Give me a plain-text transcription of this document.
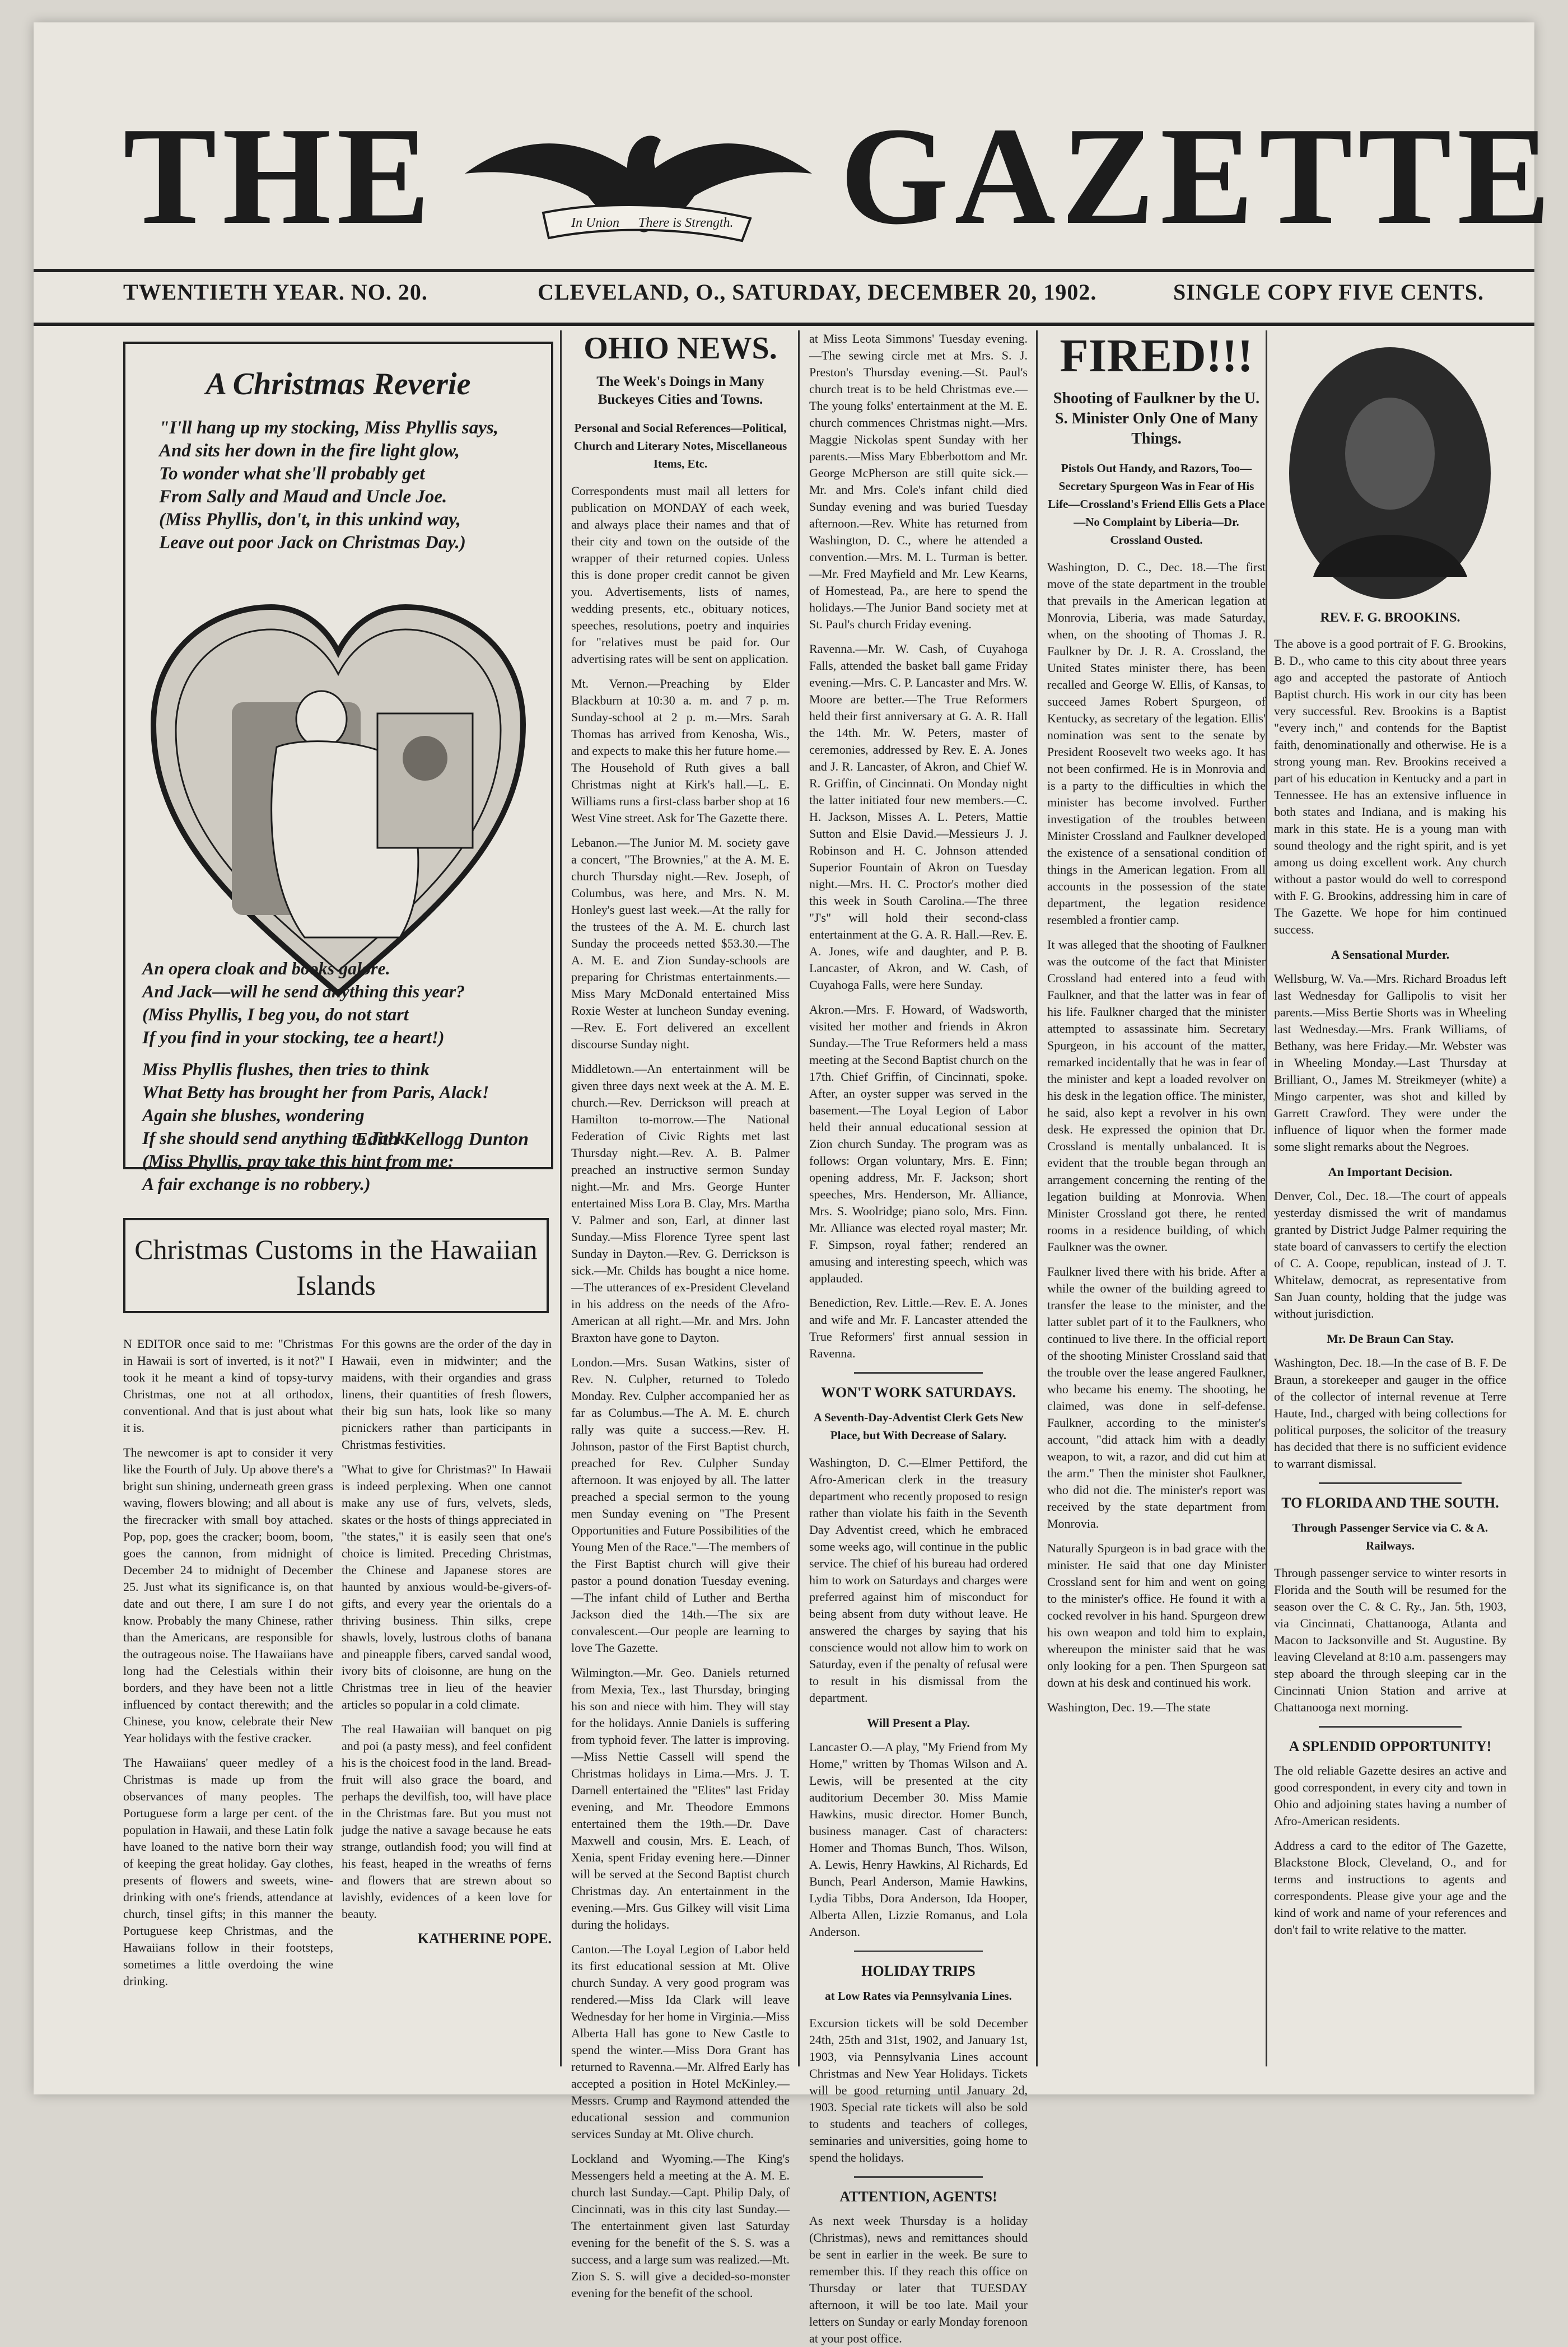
THE	In Union There is Strength. GAZETTE
TWENTIETH YEAR. NO. 20.	CLEVELAND, O., SATURDAY, DECEMBER 20, 1902.	SINGLE COPY FIVE CENTS.
A Christmas Reverie
"I'll hang up my stocking, Miss Phyllis says,
And sits her down in the fire light glow,
To wonder what she'll probably get
From Sally and Maud and Uncle Joe.
(Miss Phyllis, don't, in this unkind way,
Leave out poor Jack on Christmas Day.)
An opera cloak and books galore.
And Jack—will he send anything this year?
(Miss Phyllis, I beg you, do not start
If you find in your stocking, tee a heart!)
Miss Phyllis flushes, then tries to think
What Betty has brought her from Paris, Alack!
Again she blushes, wondering
If she should send anything to Jack.
(Miss Phyllis, pray take this hint from me:
A fair exchange is no robbery.)
Edith Kellogg Dunton
Christmas Customs in the Hawaiian Islands

N EDITOR once said to me: "Christmas in Hawaii is sort of inverted, is it not?" I took it he meant a kind of topsy-turvy Christmas, one not at all orthodox, conventional. And that is just about what it is.

The newcomer is apt to consider it very like the Fourth of July. Up above there's a bright sun shining, underneath green grass waving, flowers blowing; and all about is the firecracker with small boy attached. Pop, pop, goes the cracker; boom, boom, goes the cannon, from midnight of December 24 to midnight of December 25. Just what its significance is, on that date and out there, I am sure I do not know. Probably the many Chinese, rather than the Americans, are responsible for the outrageous noise. The Hawaiians have long had the Celestials within their borders, and they have been not a little influenced by contact therewith; and the Chinese, you know, celebrate their New Year holidays with the festive cracker.

The Hawaiians' queer medley of a Christmas is made up from the observances of many peoples. The Portuguese form a large per cent. of the population in Hawaii, and these Latin folk have loaned to the native born their way of keeping the great holiday. Gay clothes, presents of flowers and sweets, wine-drinking with one's friends, attendance at church, tinsel gifts; in this manner the Portuguese keep Christmas, and the Hawaiians follow in their footsteps, sometimes a little overdoing the wine drinking.

For this gowns are the order of the day in Hawaii, even in midwinter; and the maidens, with their organdies and grass linens, their quantities of fresh flowers, their big sun hats, look like so many picnickers rather than participants in Christmas festivities.

"What to give for Christmas?" In Hawaii is indeed perplexing. When one cannot make any use of furs, velvets, sleds, skates or the hosts of things appreciated in "the states," it is easily seen that one's choice is limited. Preceding Christmas, the Chinese and Japanese stores are haunted by anxious would-be-givers-of-gifts, and every year the orientals do a thriving business. Thin silks, crepe shawls, lovely, lustrous cloths of banana and pineapple fibers, carved sandal wood, ivory bits of cloisonne, are hung on the Christmas tree in lieu of the heavier articles so popular in a cold climate.

The real Hawaiian will banquet on pig and poi (a pasty mess), and feel confident his is the choicest food in the land. Bread-fruit will also grace the board, and perhaps the devilfish, too, will have place in the Christmas fare. But you must not judge the native a savage because he eats strange, outlandish food; you will find at his feast, heaped in the wreaths of ferns and flowers that are strewn about so lavishly, evidences of a keen love for beauty.

KATHERINE POPE.
OHIO NEWS.
The Week's Doings in Many Buckeyes Cities and Towns.
Personal and Social References—Political, Church and Literary Notes, Miscellaneous Items, Etc.

Correspondents must mail all letters for publication on MONDAY of each week, and always place their names and that of their city and town on the outside of the wrapper of their returned copies. Unless this is done proper credit cannot be given you. Advertisements, lists of names, wedding presents, etc., obituary notices, speeches, resolutions, poetry and inquiries for "relatives must be paid for. Our advertising rates will be sent on application.

Mt. Vernon.—Preaching by Elder Blackburn at 10:30 a. m. and 7 p. m. Sunday-school at 2 p. m.—Mrs. Sarah Thomas has arrived from Kenosha, Wis., and expects to make this her future home.—The Household of Ruth gives a ball Christmas night at Kirk's hall.—L. E. Williams runs a first-class barber shop at 16 West Vine street. Ask for The Gazette there.

Lebanon.—The Junior M. M. society gave a concert, "The Brownies," at the A. M. E. church Thursday night.—Rev. Joseph, of Columbus, was here, and Mrs. N. M. Honley's guest last week.—At the rally for the trustees of the A. M. E. church last Sunday the proceeds netted $53.30.—The A. M. E. and Zion Sunday-schools are preparing for Christmas entertainments.—Miss Mary McDonald entertained Miss Roxie Wester at luncheon Sunday evening.—Rev. E. Fort delivered an excellent discourse Sunday night.

Middletown.—An entertainment will be given three days next week at the A. M. E. church.—Rev. Derrickson will preach at Hamilton to-morrow.—The National Federation of Civic Rights met last Thursday night.—Rev. A. B. Palmer preached an instructive sermon Sunday night.—Mr. and Mrs. George Hunter entertained Miss Lora B. Clay, Mrs. Martha V. Palmer and son, Earl, at dinner last Sunday.—Miss Florence Tyree spent last Sunday in Dayton.—Rev. G. Derrickson is sick.—Mr. Childs has bought a nice home.—The utterances of ex-President Cleveland in his address on the needs of the Afro-American at all right.—Mr. and Mrs. John Braxton have gone to Dayton.

London.—Mrs. Susan Watkins, sister of Rev. N. Culpher, returned to Toledo Monday. Rev. Culpher accompanied her as far as Columbus.—The A. M. E. church rally was quite a success.—Rev. H. Johnson, pastor of the First Baptist church, preached for Rev. Culpher Sunday afternoon. It was enjoyed by all. The latter preached a special sermon to the young men Sunday evening on "The Present Opportunities and Future Possibilities of the Young Men of the Race."—The members of the First Baptist church will give their pastor a pound donation Tuesday evening.—The infant child of Luther and Bertha Jackson died the 14th.—The six are convalescent.—Our people are learning to love The Gazette.

Wilmington.—Mr. Geo. Daniels returned from Mexia, Tex., last Thursday, bringing his son and niece with him. They will stay for the holidays. Annie Daniels is suffering from typhoid fever. The latter is improving.—Miss Nettie Cassell will spend the Christmas holidays in Lima.—Mrs. J. T. Darnell entertained the "Elites" last Friday evening, and Mr. Theodore Emmons entertained them the 19th.—Dr. Dave Maxwell and cousin, Mrs. E. Leach, of Xenia, spent Friday evening here.—Dinner will be served at the Second Baptist church Christmas day. An entertainment in the evening.—Mrs. Gus Gilkey will visit Lima during the holidays.

Canton.—The Loyal Legion of Labor held its first educational session at Mt. Olive church Sunday. A very good program was rendered.—Miss Ida Clark will leave Wednesday for her home in Virginia.—Miss Alberta Hall has gone to New Castle to spend the winter.—Miss Dora Grant has returned to Ravenna.—Mr. Alfred Early has accepted a position in Hotel McKinley.—Messrs. Crump and Raymond attended the educational session and communion services Sunday at Mt. Olive church.

Lockland and Wyoming.—The King's Messengers held a meeting at the A. M. E. church last Sunday.—Capt. Philip Daly, of Cincinnati, was in this city last Sunday.—The entertainment given last Saturday evening for the benefit of the S. S. was a success, and a large sum was realized.—Mt. Zion S. S. will give a decided-so-monster evening for the benefit of the school.

at Miss Leota Simmons' Tuesday evening.—The sewing circle met at Mrs. S. J. Preston's Thursday evening.—St. Paul's church treat is to be held Christmas eve.—The young folks' entertainment at the M. E. church commences Christmas night.—Mrs. Maggie Nickolas spent Sunday with her parents.—Miss Mary Ebberbottom and Mr. George McPherson are still quite sick.—Mr. and Mrs. Cole's infant child died Sunday evening and was buried Tuesday afternoon.—Rev. White has returned from Washington, D. C., where he attended a convention.—Mrs. M. L. Turman is better.—Mr. Fred Mayfield and Mr. Lew Kearns, of Homestead, Pa., are here to spend the holidays.—The Junior Band society met at St. Paul's church Friday evening.

Ravenna.—Mr. W. Cash, of Cuyahoga Falls, attended the basket ball game Friday evening.—Mrs. C. P. Lancaster and Mrs. W. Moore are better.—The True Reformers held their first anniversary at G. A. R. Hall the 14th. Mr. W. Peters, master of ceremonies, addressed by Rev. E. A. Jones and J. R. Lancaster, of Akron, and Chief W. R. Griffin, of Cincinnati. On Monday night the latter initiated four new members.—C. H. Jackson, Misses A. L. Peters, Mattie Sutton and Elsie David.—Messieurs J. J. Robinson and H. C. Johnson attended Superior Fountain of Akron on Tuesday night.—Mrs. H. C. Proctor's mother died this week in South Carolina.—The three "J's" will hold their second-class entertainment at the G. A. R. Hall.—Rev. E. A. Jones, wife and daughter, and P. B. Lancaster, of Akron, and W. Cash, of Cuyahoga Falls, were here Sunday.

Akron.—Mrs. F. Howard, of Wadsworth, visited her mother and friends in Akron Sunday.—The True Reformers held a mass meeting at the Second Baptist church on the 17th. Chief Griffin, of Cincinnati, spoke. After, an oyster supper was served in the basement.—The Loyal Legion of Labor held their annual educational session at Zion church Sunday. The program was as follows: Organ voluntary, Mrs. E. Finn; opening address, Mr. F. Jackson; short speeches, Mrs. Henderson, Mr. Alliance, Mrs. S. Woolridge; piano solo, Mrs. Finn. Mr. Alliance was elected royal master; Mr. F. Simpson, royal father; rendered an amusing and interesting speech, which was applauded.

Benediction, Rev. Little.—Rev. E. A. Jones and wife and Mr. F. Lancaster attended the True Reformers' first annual session in Ravenna.

WON'T WORK SATURDAYS.
A Seventh-Day-Adventist Clerk Gets New Place, but With Decrease of Salary.

Washington, D. C.—Elmer Pettiford, the Afro-American clerk in the treasury department who recently proposed to resign rather than violate his faith in the Seventh Day Adventist creed, which he embraced some weeks ago, will continue in the public service. The chief of his bureau had ordered him to work on Saturdays and charges were preferred against him of misconduct for being absent from duty without leave. He answered the charges by saying that his conscience would not allow him to work on Saturday, even if the penalty of refusal were to result in his dismissal from the department.

Will Present a Play.

Lancaster O.—A play, "My Friend from My Home," written by Thomas Wilson and A. Lewis, will be presented at the city auditorium December 30. Miss Mamie Hawkins, music director. Homer Bunch, business manager. Cast of characters: Homer and Thomas Bunch, Thos. Wilson, A. Lewis, Henry Hawkins, Al Richards, Ed Bunch, Pearl Anderson, Mamie Hawkins, Lydia Tibbs, Dora Anderson, Ida Hooper, Alberta Allen, Lizzie Romanus, and Lola Anderson.

HOLIDAY TRIPS
at Low Rates via Pennsylvania Lines.

Excursion tickets will be sold December 24th, 25th and 31st, 1902, and January 1st, 1903, via Pennsylvania Lines account Christmas and New Year Holidays. Tickets will be good returning until January 2d, 1903. Special rate tickets will also be sold to students and teachers of colleges, seminaries and universities, going home to spend the holidays.

ATTENTION, AGENTS!

As next week Thursday is a holiday (Christmas), news and remittances should be sent in earlier in the week. Be sure to remember this. If they reach this office on Thursday or later that TUESDAY afternoon, it will be too late. Mail your letters on Sunday or early Monday forenoon at your post office.

FIRED!!!
Shooting of Faulkner by the U. S. Minister Only One of Many Things.
Pistols Out Handy, and Razors, Too—Secretary Spurgeon Was in Fear of His Life—Crossland's Friend Ellis Gets a Place—No Complaint by Liberia—Dr. Crossland Ousted.

Washington, D. C., Dec. 18.—The first move of the state department in the trouble that prevails in the American legation at Monrovia, Liberia, was made Saturday, when, on the shooting of Thomas J. R. Faulkner by Dr. J. R. A. Crossland, the United States minister there, has been recalled and George W. Ellis, of Kansas, to succeed James Robert Spurgeon, of Kentucky, as secretary of the legation. Ellis' nomination was sent to the senate by President Roosevelt two weeks ago. It has not been confirmed. He is in Monrovia and is a party to the difficulties in which the minister has become involved. Further investigation of the troubles between Minister Crossland and Faulkner developed the existence of a sensational condition of things in the American legation. From all accounts in the possession of the state department, the legation residence resembled a frontier camp.

It was alleged that the shooting of Faulkner was the outcome of the fact that Minister Crossland had entered into a feud with Faulkner, and that the latter was in fear of his life. Faulkner charged that the minister attempted to assassinate him. Secretary Spurgeon, in his account of the matter, remarked incidentally that he was in fear of the minister and kept a loaded revolver on his desk in the legation office. The minister, he said, also kept a revolver in his own desk. He expressed the opinion that Dr. Crossland is mentally unbalanced. It is evident that the trouble began through an arrangement concerning the renting of the legation building at Monrovia. When Minister Crossland got there, he rented rooms in a residence building, of which Faulkner was the owner.

Faulkner lived there with his bride. After a while the owner of the building agreed to transfer the lease to the minister, and the latter sublet part of it to the Faulkners, who continued to live there. In the official report of the shooting Minister Crossland said that the trouble over the lease angered Faulkner, who became his enemy. The shooting, he claimed, was done in self-defense. Faulkner, according to the minister's account, "did attack him with a deadly weapon, to wit, a razor, and did cut him at the arm." Then the minister shot Faulkner, who did not die. The minister's report was received by the state department from Monrovia.

Naturally Spurgeon is in bad grace with the minister. He said that one day Minister Crossland sent for him and went on going to the minister's office. He found it with a cocked revolver in his hand. Spurgeon drew his own weapon and told him to explain, whereupon the minister said that he was only looking for a pen. Then Spurgeon sat down at his desk and continued his work.

Washington, Dec. 19.—The state

REV. F. G. BROOKINS.

The above is a good portrait of F. G. Brookins, B. D., who came to this city about three years ago and accepted the pastorate of Antioch Baptist church. His work in our city has been very successful. Rev. Brookins is a Baptist "every inch," and contends for the Baptist faith, denominationally and otherwise. He is a strong young man. Rev. Brookins received a part of his education in Kentucky and a part in Tennessee. He has an extensive influence in both states and Indiana, and is making his mark in this state. He is a young man with sound theology and the right spirit, and is yet among us doing excellent work. Any church without a pastor would do well to correspond with F. G. Brookins, addressing him in care of The Gazette. We hope for him continued success.

A Sensational Murder.

Wellsburg, W. Va.—Mrs. Richard Broadus left last Wednesday for Gallipolis to visit her parents.—Miss Bertie Shorts was in Wheeling last Wednesday.—Mrs. Frank Williams, of Bethany, was here Friday.—Mr. Webster was in Wheeling Monday.—Last Thursday at Brilliant, O., James M. Streikmeyer (white) a Mingo carpenter, was shot and killed by Garrett Crawford. They were under the influence of liquor when the former made some slight remarks about the Negroes.

An Important Decision.

Denver, Col., Dec. 18.—The court of appeals yesterday dismissed the writ of mandamus granted by District Judge Palmer requiring the state board of canvassers to certify the election of C. A. Coope, republican, instead of J. T. Whitelaw, democrat, as representative from San Juan county, holding that the judge was without jurisdiction.

Mr. De Braun Can Stay.

Washington, Dec. 18.—In the case of B. F. De Braun, a storekeeper and gauger in the office of the collector of internal revenue at Terre Haute, Ind., charged with being collections for political purposes, the solicitor of the treasury has decided that there is no sufficient evidence to warrant dismissal.

TO FLORIDA AND THE SOUTH.
Through Passenger Service via C. & A. Railways.

Through passenger service to winter resorts in Florida and the South will be resumed for the season over the C. & C. Ry., Jan. 5th, 1903, via Cincinnati, Chattanooga, Atlanta and Macon to Jacksonville and St. Augustine. By leaving Cleveland at 8:10 a.m. passengers may step aboard the through sleeping car in the Cincinnati Union Station and arrive at Chattanooga next morning.

A SPLENDID OPPORTUNITY!

The old reliable Gazette desires an active and good correspondent, in every city and town in Ohio and adjoining states having a number of Afro-American residents.

Address a card to the editor of The Gazette, Blackstone Block, Cleveland, O., and for terms and instructions to agents and correspondents. Please give your age and the kind of work and name of your references and don't fail to write relative to the matter.
